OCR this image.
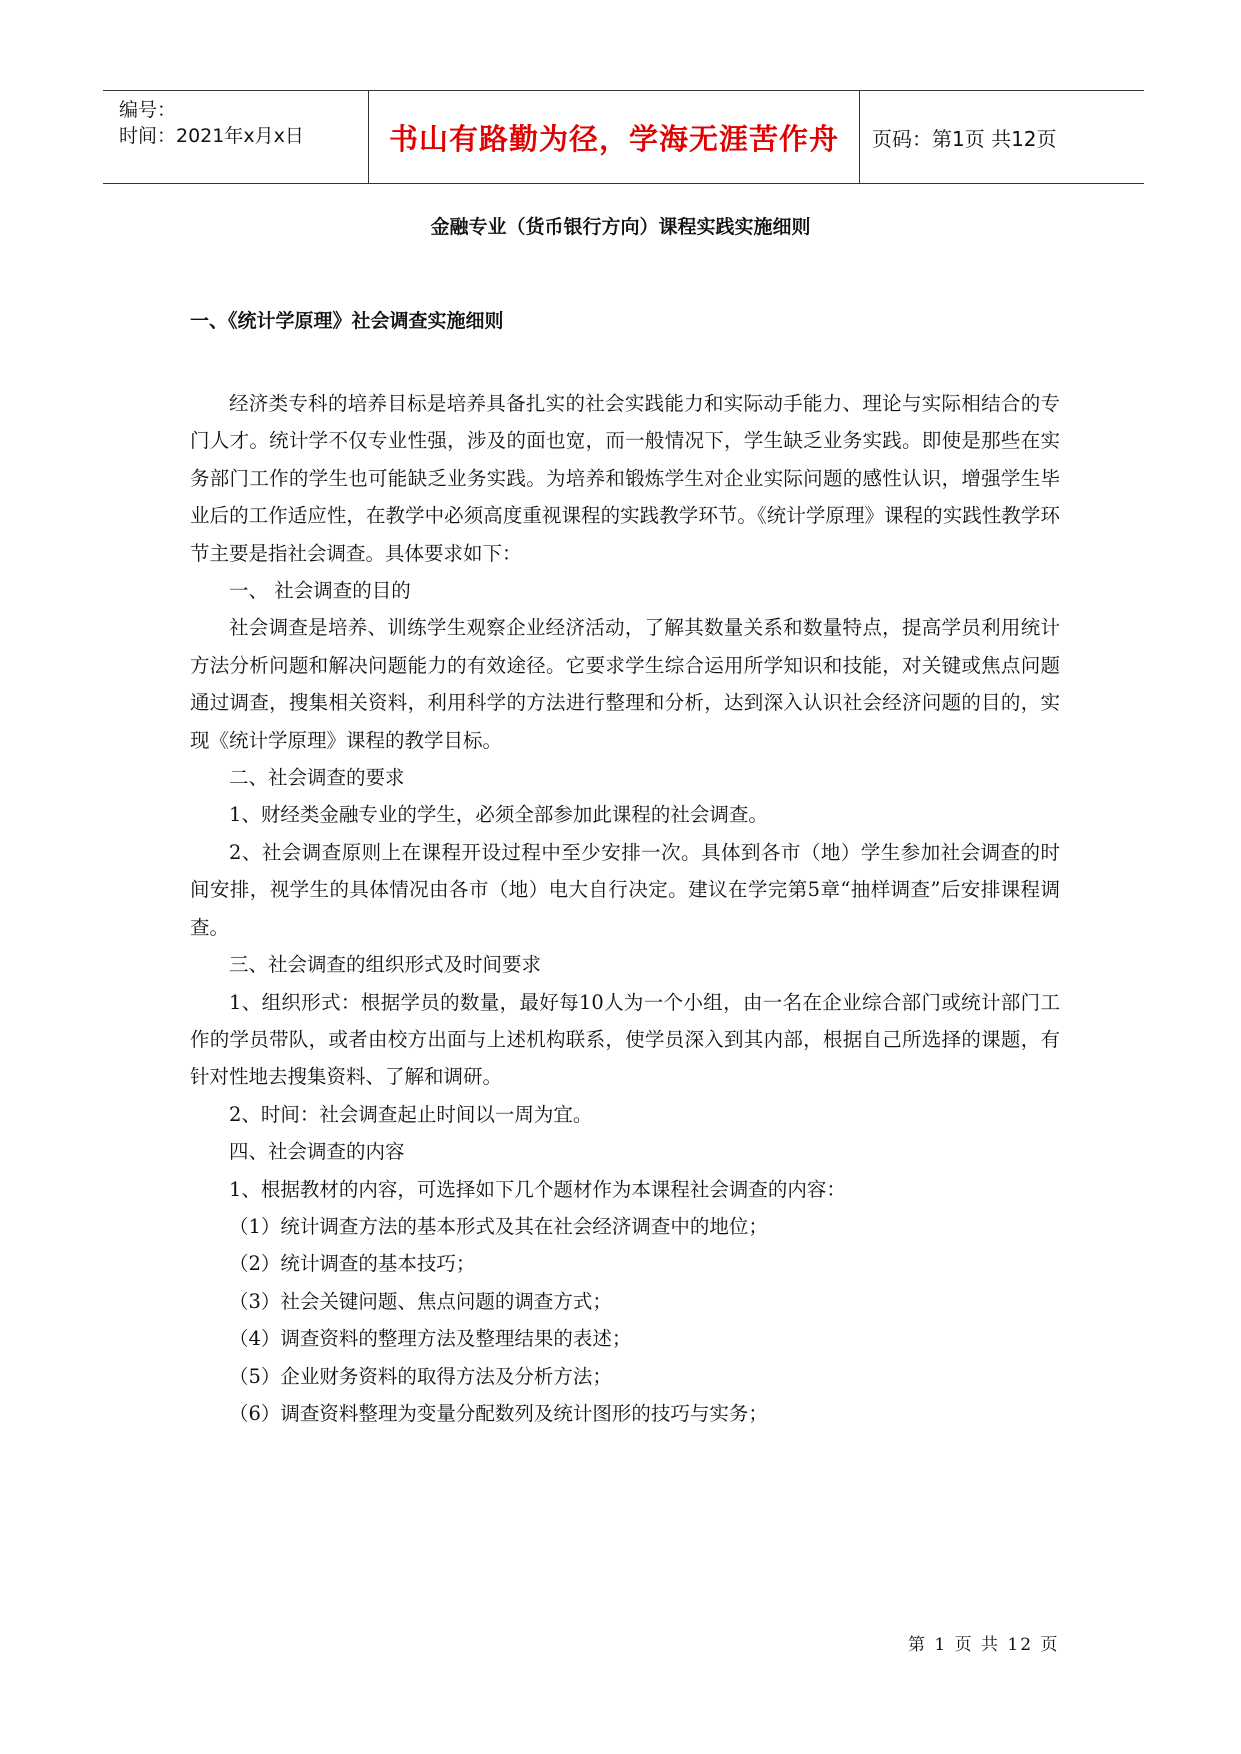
编号：
时间：2021年x月x日	书山有路勤为径，学海无涯苦作舟 页码：第1页 共12页
金融专业（货币银行方向）课程实践实施细则
一、《统计学原理》社会调查实施细则

经济类专科的培养目标是培养具备扎实的社会实践能力和实际动手能力、理论与实际相结合的专门人才。统计学不仅专业性强，涉及的面也宽，而一般情况下，学生缺乏业务实践。即使是那些在实务部门工作的学生也可能缺乏业务实践。为培养和锻炼学生对企业实际问题的感性认识，增强学生毕业后的工作适应性，在教学中必须高度重视课程的实践教学环节。《统计学原理》课程的实践性教学环节主要是指社会调查。具体要求如下：

一、 社会调查的目的

社会调查是培养、训练学生观察企业经济活动，了解其数量关系和数量特点，提高学员利用统计方法分析问题和解决问题能力的有效途径。它要求学生综合运用所学知识和技能，对关键或焦点问题通过调查，搜集相关资料，利用科学的方法进行整理和分析，达到深入认识社会经济问题的目的，实现《统计学原理》课程的教学目标。

二、社会调查的要求

1、财经类金融专业的学生，必须全部参加此课程的社会调查。

2、社会调查原则上在课程开设过程中至少安排一次。具体到各市（地）学生参加社会调查的时间安排，视学生的具体情况由各市（地）电大自行决定。建议在学完第5章“抽样调查”后安排课程调查。

三、社会调查的组织形式及时间要求

1、组织形式：根据学员的数量，最好每10人为一个小组，由一名在企业综合部门或统计部门工作的学员带队，或者由校方出面与上述机构联系，使学员深入到其内部，根据自己所选择的课题，有针对性地去搜集资料、了解和调研。

2、时间：社会调查起止时间以一周为宜。

四、社会调查的内容

1、根据教材的内容，可选择如下几个题材作为本课程社会调查的内容：

（1）统计调查方法的基本形式及其在社会经济调查中的地位；

（2）统计调查的基本技巧；

（3）社会关键问题、焦点问题的调查方式；

（4）调查资料的整理方法及整理结果的表述；

（5）企业财务资料的取得方法及分析方法；

（6）调查资料整理为变量分配数列及统计图形的技巧与实务；

第 1 页 共 12 页
